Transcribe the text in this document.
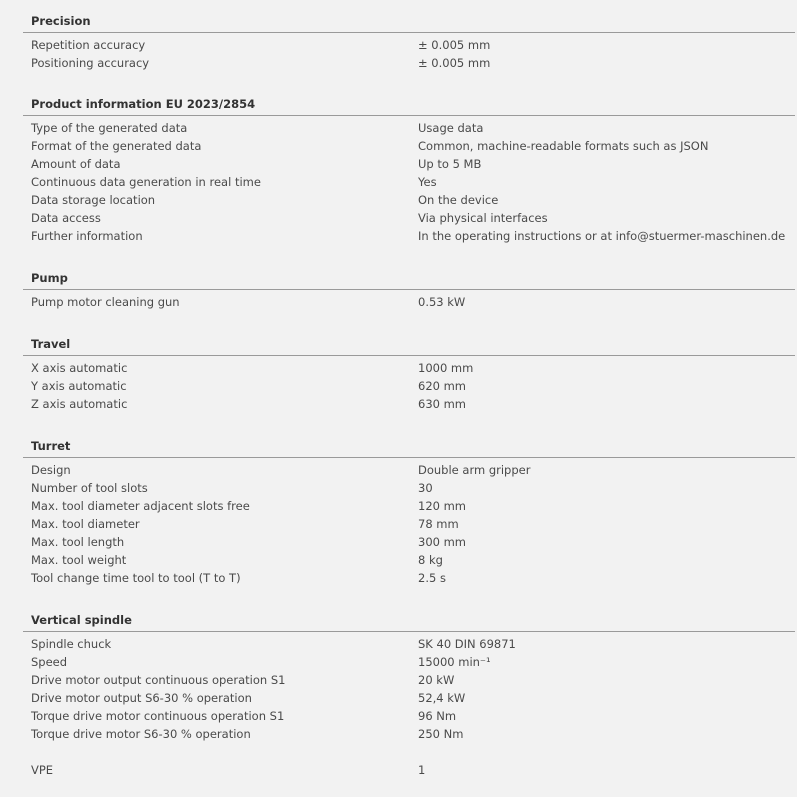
Precision
Repetition accuracy	± 0.005 mm
Positioning accuracy	± 0.005 mm
Product information EU 2023/2854
Type of the generated data	Usage data
Format of the generated data	Common, machine-readable formats such as JSON
Amount of data	Up to 5 MB
Continuous data generation in real time	Yes
Data storage location	On the device
Data access	Via physical interfaces
Further information	In the operating instructions or at info@stuermer-maschinen.de
Pump
Pump motor cleaning gun	0.53 kW
Travel
X axis automatic	1000 mm
Y axis automatic	620 mm
Z axis automatic	630 mm
Turret
Design	Double arm gripper
Number of tool slots	30
Max. tool diameter adjacent slots free	120 mm
Max. tool diameter	78 mm
Max. tool length	300 mm
Max. tool weight	8 kg
Tool change time tool to tool (T to T)	2.5 s
Vertical spindle
Spindle chuck	SK 40 DIN 69871
Speed	15000 min⁻¹
Drive motor output continuous operation S1	20 kW
Drive motor output S6-30 % operation	52,4 kW
Torque drive motor continuous operation S1	96 Nm
Torque drive motor S6-30 % operation	250 Nm
VPE	1
